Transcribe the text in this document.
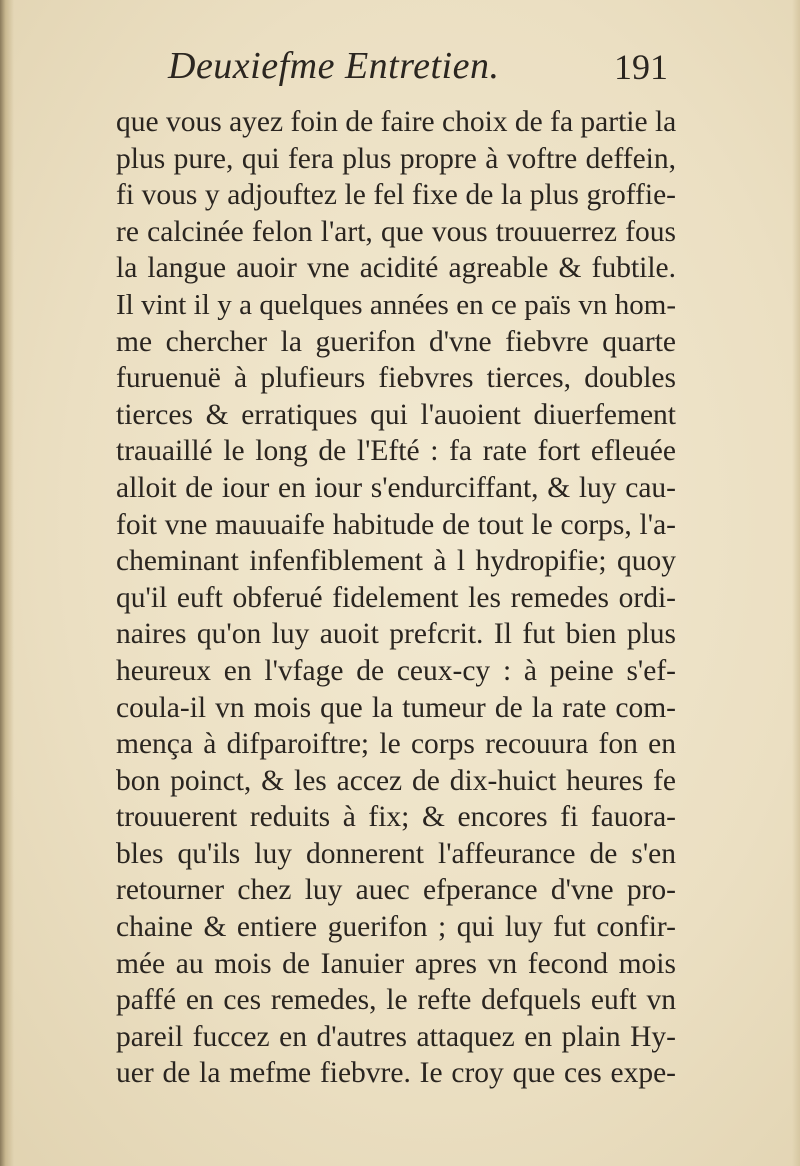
Deuxiefme Entretien.	191
que vous ayez foin de faire choix de fa partie la
plus pure, qui fera plus propre à voftre deffein,
fi vous y adjouftez le fel fixe de la plus groffie-
re calcinée felon l'art, que vous trouuerrez fous
la langue auoir vne acidité agreable & fubtile.
Il vint il y a quelques années en ce païs vn hom-
me chercher la guerifon d'vne fiebvre quarte
furuenuë à plufieurs fiebvres tierces, doubles
tierces & erratiques qui l'auoient diuerfement
trauaillé le long de l'Efté : fa rate fort efleuée
alloit de iour en iour s'endurciffant, & luy cau-
foit vne mauuaife habitude de tout le corps, l'a-
cheminant infenfiblement à l hydropifie; quoy
qu'il euft obferué fidelement les remedes ordi-
naires qu'on luy auoit prefcrit. Il fut bien plus
heureux en l'vfage de ceux-cy : à peine s'ef-
coula-il vn mois que la tumeur de la rate com-
mença à difparoiftre; le corps recouura fon en
bon poinct, & les accez de dix-huict heures fe
trouuerent reduits à fix; & encores fi fauora-
bles qu'ils luy donnerent l'affeurance de s'en
retourner chez luy auec efperance d'vne pro-
chaine & entiere guerifon ; qui luy fut confir-
mée au mois de Ianuier apres vn fecond mois
paffé en ces remedes, le refte defquels euft vn
pareil fuccez en d'autres attaquez en plain Hy-
uer de la mefme fiebvre. Ie croy que ces expe-
